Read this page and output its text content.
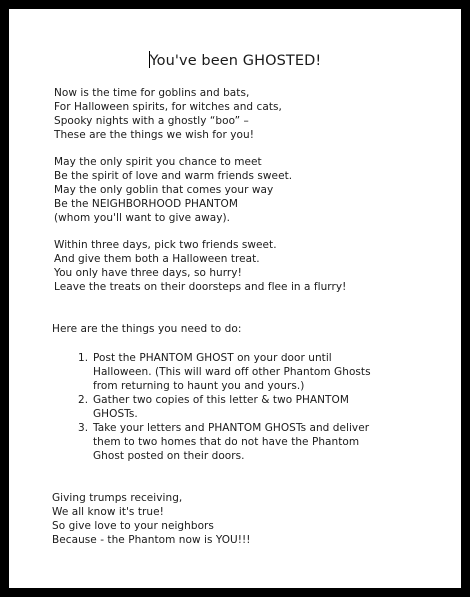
You've been GHOSTED!
Now is the time for goblins and bats,
For Halloween spirits, for witches and cats,
Spooky nights with a ghostly “boo” –
These are the things we wish for you!
May the only spirit you chance to meet
Be the spirit of love and warm friends sweet.
May the only goblin that comes your way
Be the NEIGHBORHOOD PHANTOM
(whom you'll want to give away).
Within three days, pick two friends sweet.
And give them both a Halloween treat.
You only have three days, so hurry!
Leave the treats on their doorsteps and flee in a flurry!
Here are the things you need to do:
1. Post the PHANTOM GHOST on your door until
Halloween. (This will ward off other Phantom Ghosts
from returning to haunt you and yours.)
2. Gather two copies of this letter & two PHANTOM
GHOSTs.
3. Take your letters and PHANTOM GHOSTs and deliver
them to two homes that do not have the Phantom
Ghost posted on their doors.
Giving trumps receiving,
We all know it's true!
So give love to your neighbors
Because - the Phantom now is YOU!!!
